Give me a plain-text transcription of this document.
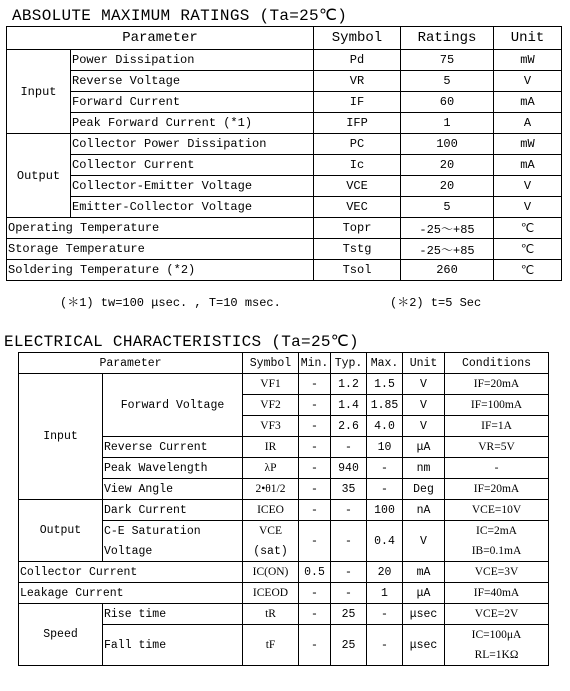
ABSOLUTE MAXIMUM RATINGS (Ta=25℃)
Parameter		Symbol	Ratings	Unit
Input	Power Dissipation	Pd	75	mW
	Reverse Voltage	VR	5	V
	Forward Current	IF	60	mA
	Peak Forward Current (*1)	IFP	1	A
Output	Collector Power Dissipation	PC	100	mW
	Collector Current	Ic	20	mA
	Collector-Emitter Voltage	VCE	20	V
	Emitter-Collector Voltage	VEC	5	V
Operating Temperature		Topr	-25～+85	℃
Storage Temperature		Tstg	-25～+85	℃
Soldering Temperature (*2)		Tsol	260	℃
(＊1) tw=100 μsec. , T=10 msec.	(＊2) t=5 Sec
ELECTRICAL CHARACTERISTICS (Ta=25℃)
Parameter		Symbol	Min.	Typ.	Max.	Unit	Conditions
Input	Forward Voltage	VF1	-	1.2	1.5	V	IF=20mA
		VF2	-	1.4	1.85	V	IF=100mA
		VF3	-	2.6	4.0	V	IF=1A
	Reverse Current	IR	-	-	10	μA	VR=5V
	Peak Wavelength	λP	-	940	-	nm	-
	View Angle	2•θ1/2	-	35	-	Deg	IF=20mA
Output	Dark Current	ICEO	-	-	100	nA	VCE=10V
	C-E Saturation	VCE	-	-	0.4	V	IC=2mA
	Voltage	(sat)					IB=0.1mA
Collector Current		IC(ON)	0.5	-	20	mA	VCE=3V
Leakage Current		ICEOD	-	-	1	μA	IF=40mA
Speed	Rise time	tR	-	25	-	μsec	VCE=2V
	Fall time	tF	-	25	-	μsec	IC=100μA
							RL=1KΩ
